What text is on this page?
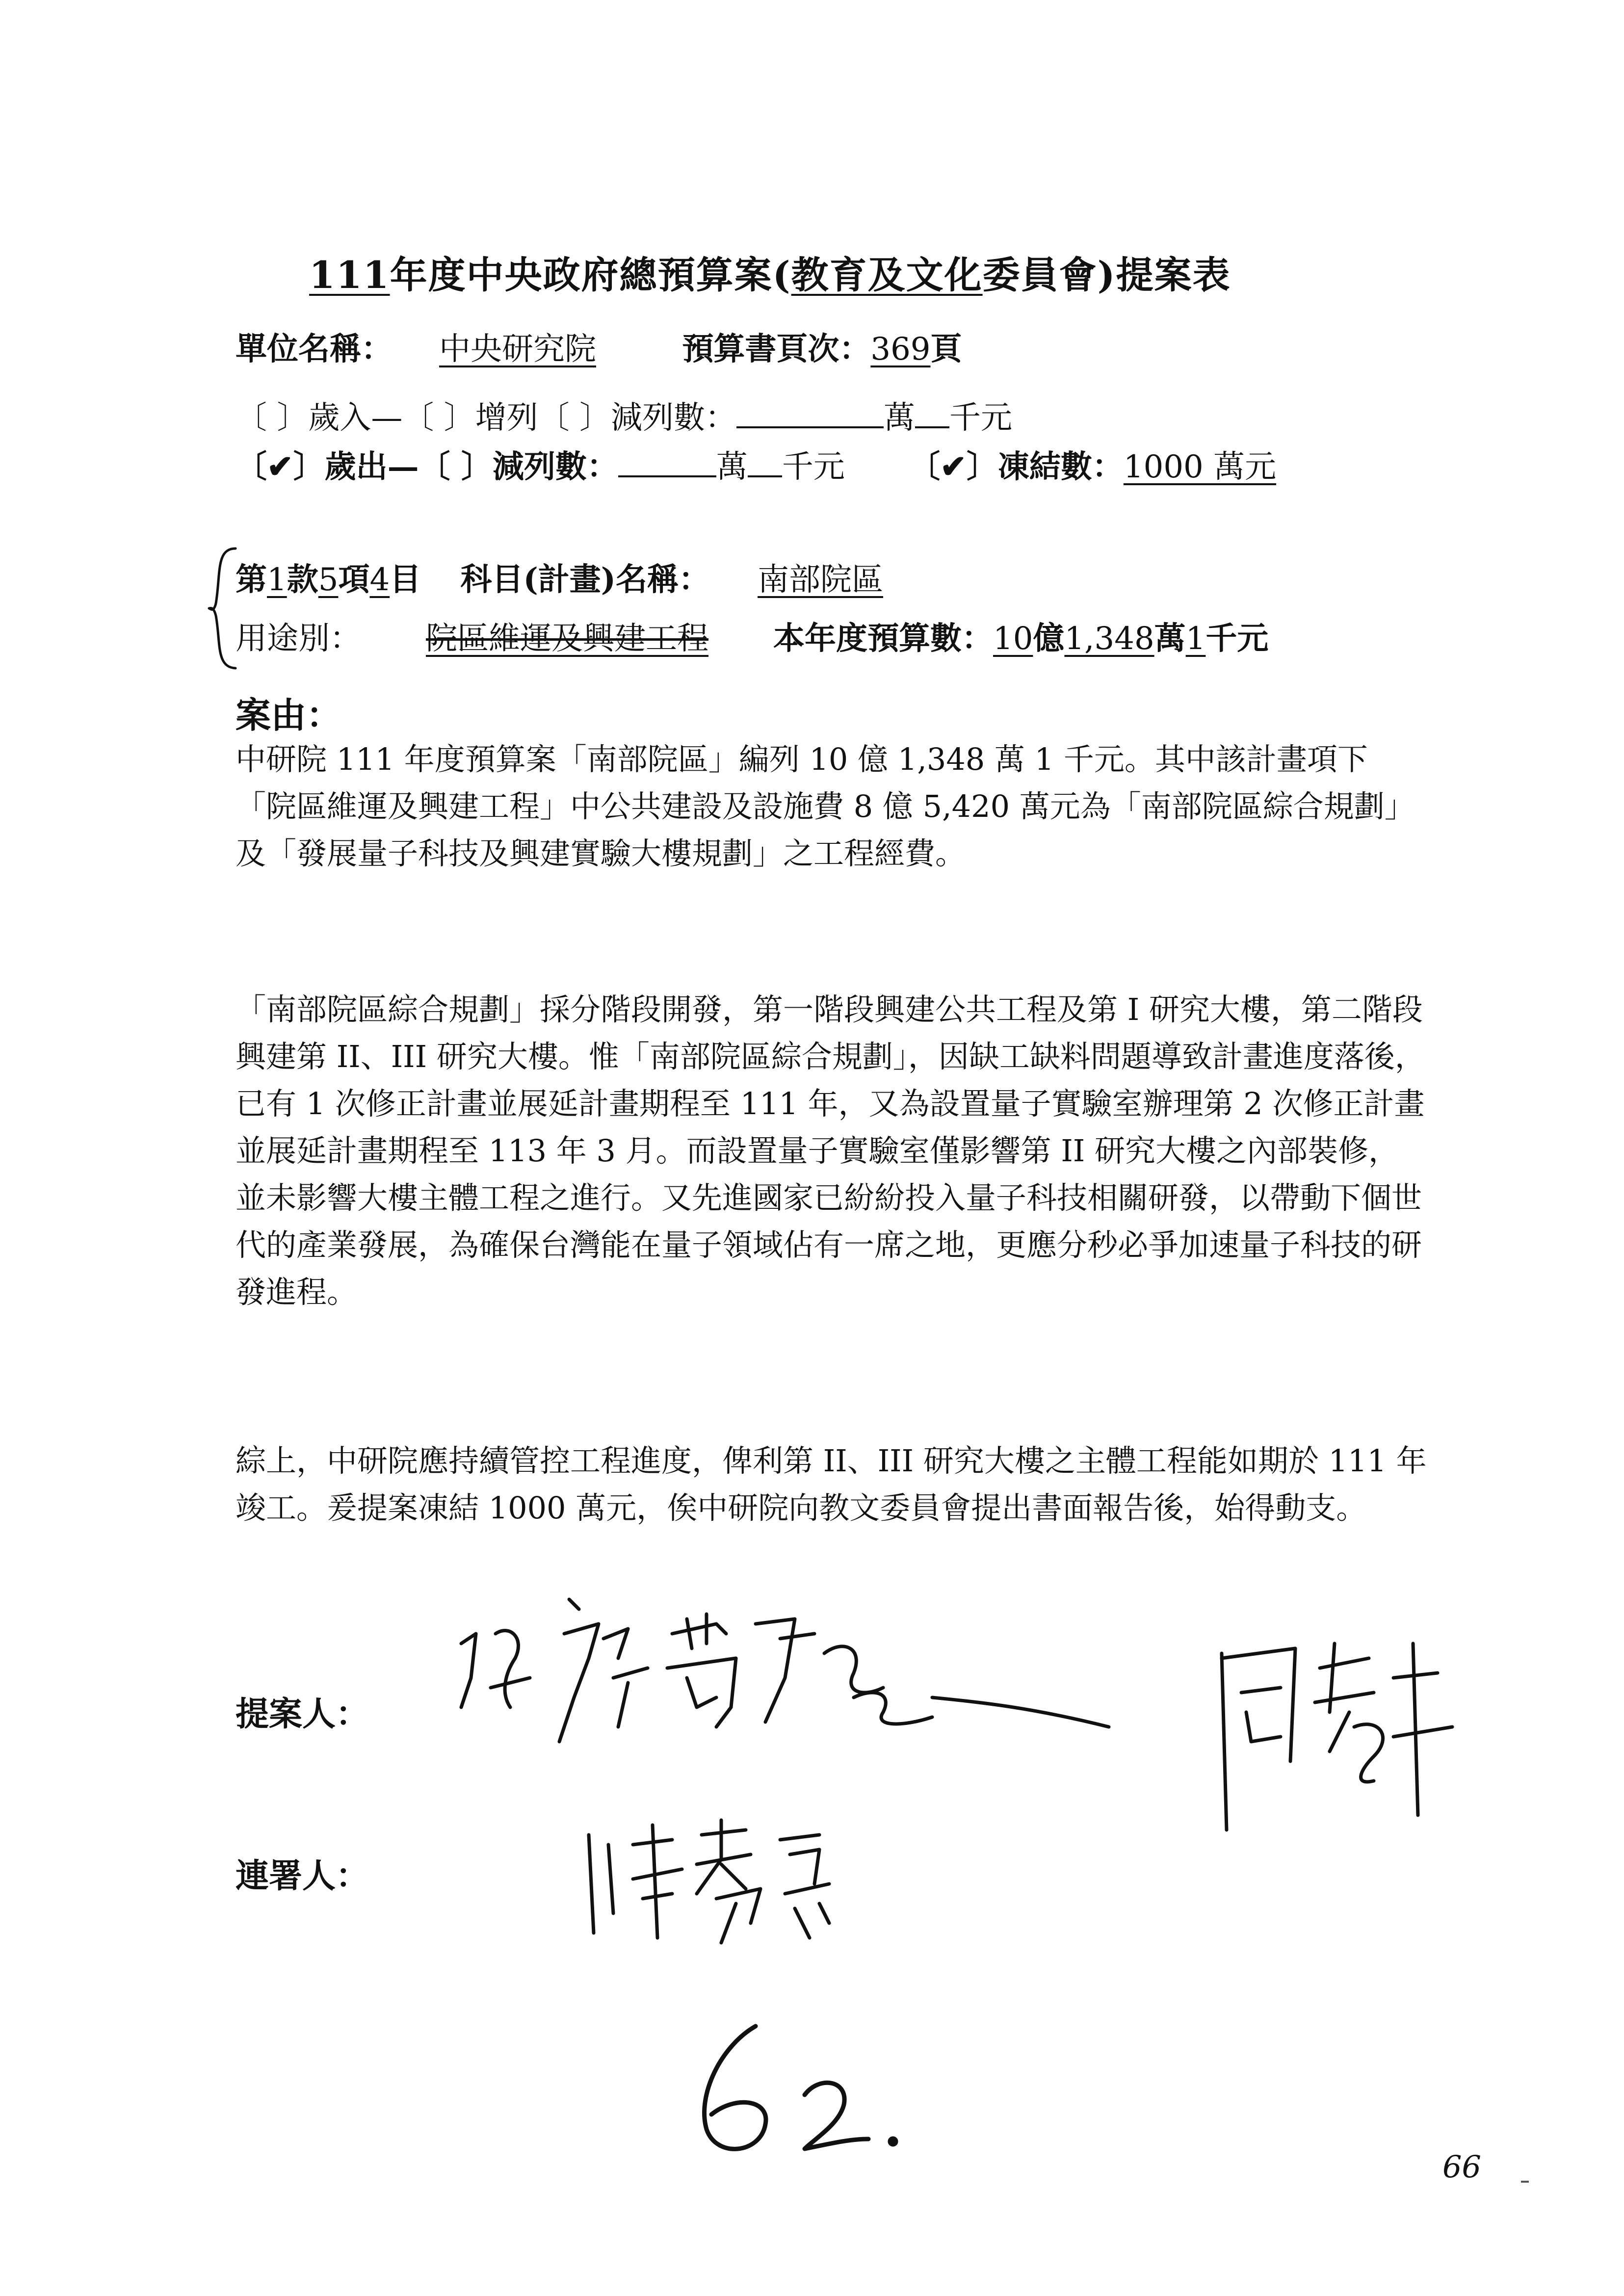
111年度中央政府總預算案(教育及文化委員會)提案表
單位名稱： 中央研究院	預算書頁次：369頁
〔 〕歲入—〔 〕增列〔 〕減列數：	萬 千元
〔✔〕歲出—〔 〕減列數：	萬 千元 〔✔〕凍結數：1000 萬元
第1款5項4目 科目(計畫)名稱： 南部院區
用途別： 院區維運及興建工程 本年度預算數：10億1,348萬1千元
案由：

中研院 111 年度預算案「南部院區」編列 10 億 1,348 萬 1 千元。其中該計畫項下「院區維運及興建工程」中公共建設及設施費 8 億 5,420 萬元為「南部院區綜合規劃」及「發展量子科技及興建實驗大樓規劃」之工程經費。

「南部院區綜合規劃」採分階段開發，第一階段興建公共工程及第 I 研究大樓，第二階段興建第 II、III 研究大樓。惟「南部院區綜合規劃」，因缺工缺料問題導致計畫進度落後，已有 1 次修正計畫並展延計畫期程至 111 年，又為設置量子實驗室辦理第 2 次修正計畫並展延計畫期程至 113 年 3 月。而設置量子實驗室僅影響第 II 研究大樓之內部裝修，並未影響大樓主體工程之進行。又先進國家已紛紛投入量子科技相關研發，以帶動下個世代的產業發展，為確保台灣能在量子領域佔有一席之地，更應分秒必爭加速量子科技的研發進程。

綜上，中研院應持續管控工程進度，俾利第 II、III 研究大樓之主體工程能如期於 111 年竣工。爰提案凍結 1000 萬元，俟中研院向教文委員會提出書面報告後，始得動支。

提案人：
連署人：
66
